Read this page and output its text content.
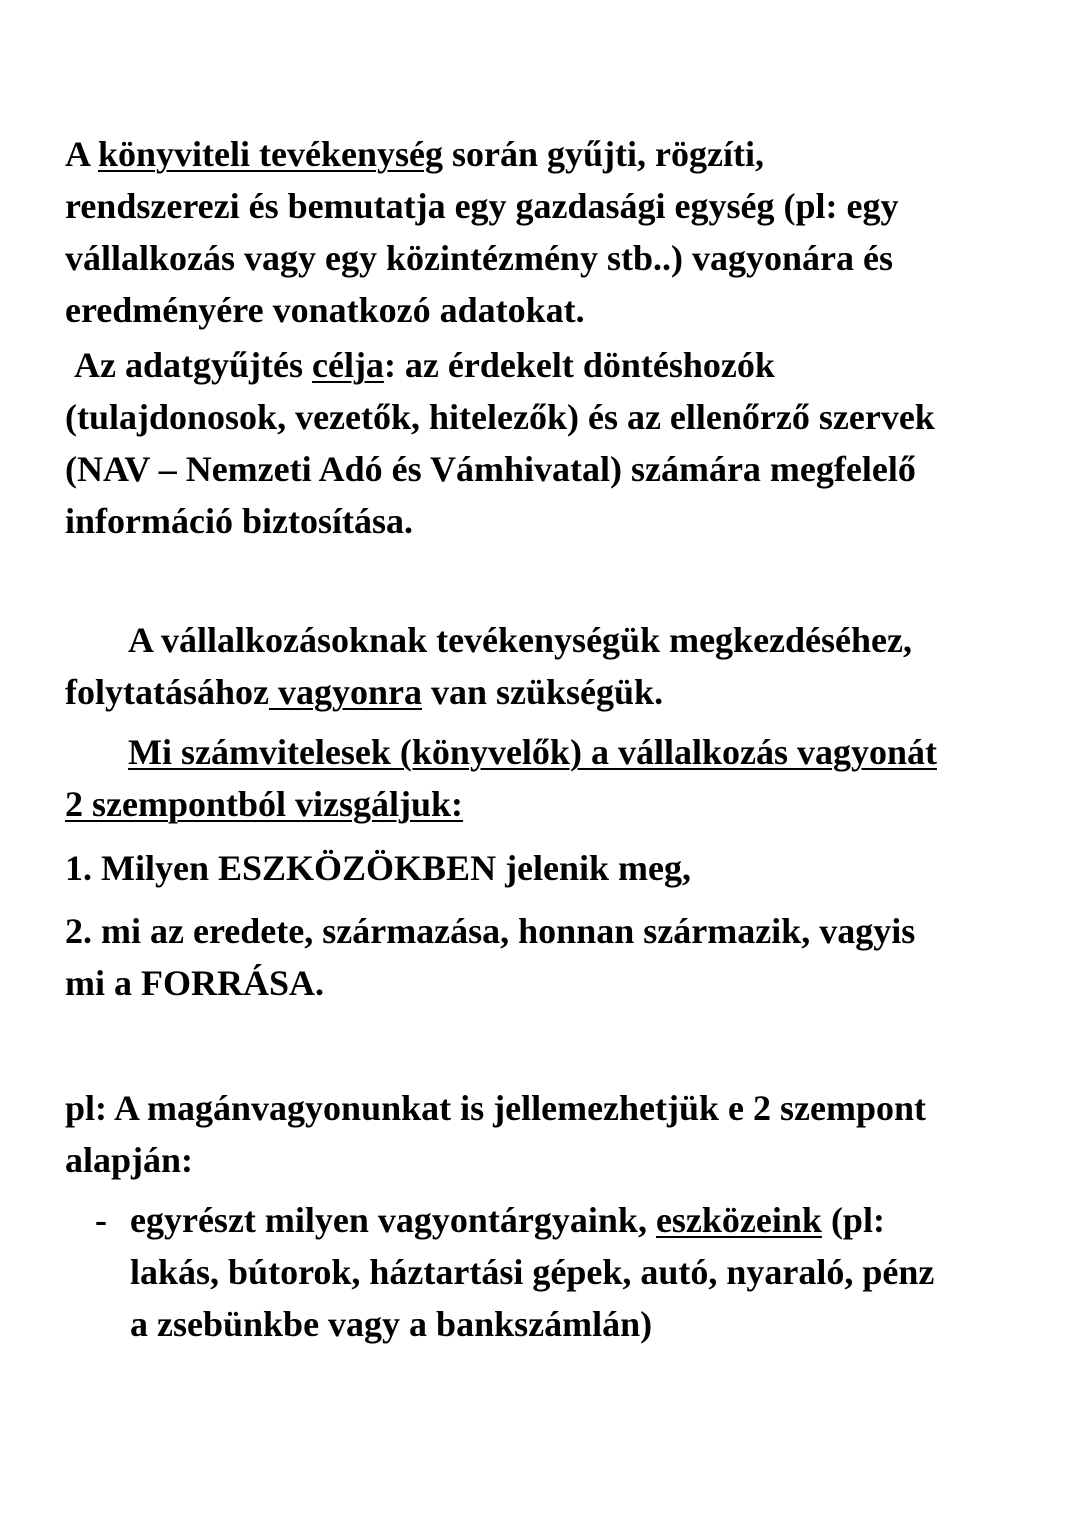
A könyviteli tevékenység során gyűjti, rögzíti,
rendszerezi és bemutatja egy gazdasági egység (pl: egy
vállalkozás vagy egy közintézmény stb..) vagyonára és
eredményére vonatkozó adatokat.

Az adatgyűjtés célja: az érdekelt döntéshozók
(tulajdonosok, vezetők, hitelezők) és az ellenőrző szervek
(NAV – Nemzeti Adó és Vámhivatal) számára megfelelő
információ biztosítása.

A vállalkozásoknak tevékenységük megkezdéséhez,
folytatásához vagyonra van szükségük.

Mi számvitelesek (könyvelők) a vállalkozás vagyonát
2 szempontból vizsgáljuk:

1. Milyen ESZKÖZÖKBEN jelenik meg,

2. mi az eredete, származása, honnan származik, vagyis
mi a FORRÁSA.

pl: A magánvagyonunkat is jellemezhetjük e 2 szempont
alapján:

- egyrészt milyen vagyontárgyaink, eszközeink (pl:
lakás, bútorok, háztartási gépek, autó, nyaraló, pénz
a zsebünkbe vagy a bankszámlán)
